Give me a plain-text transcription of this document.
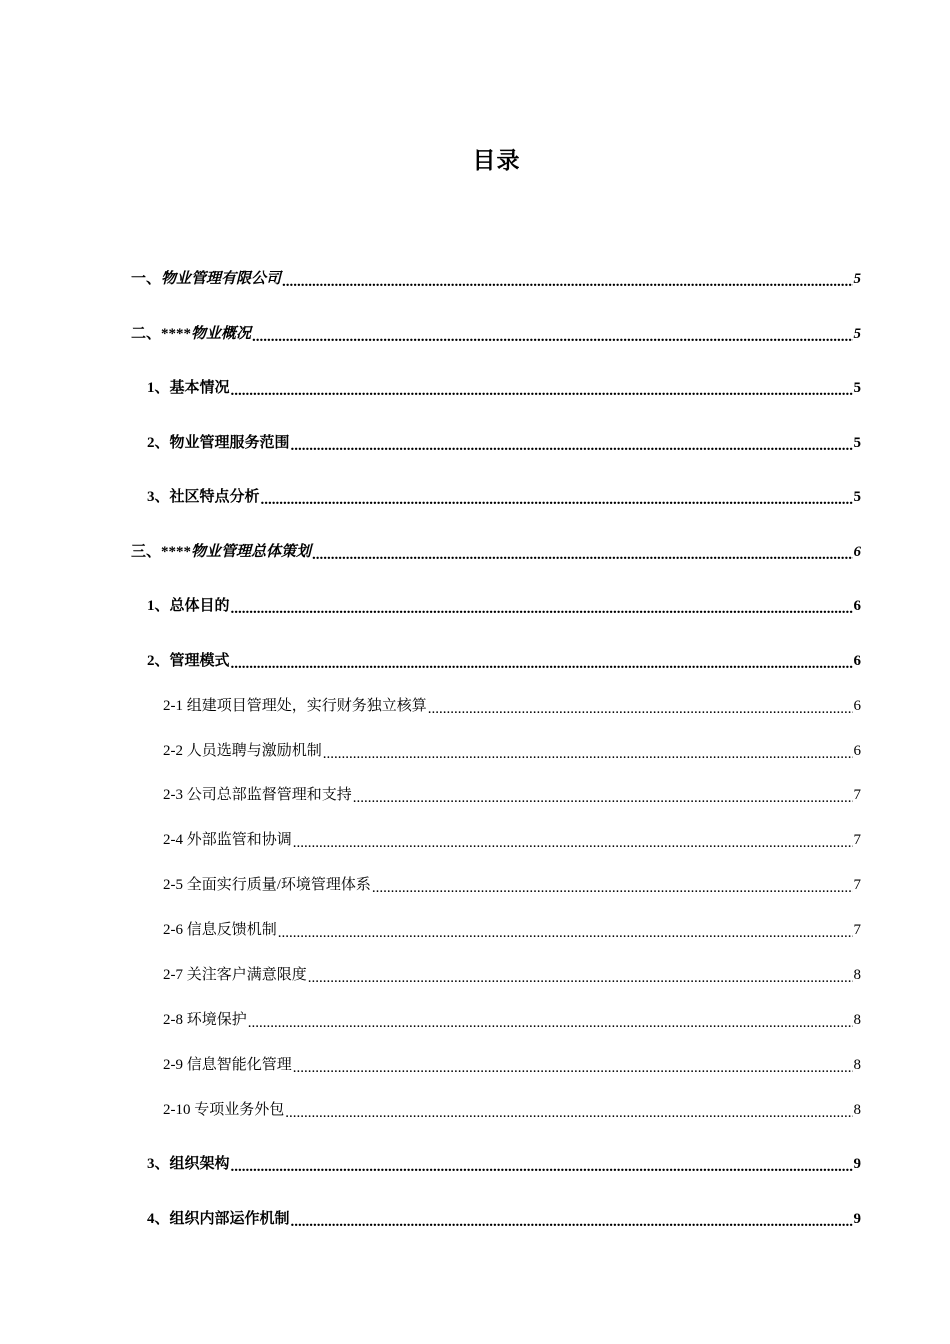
目录
一、物业管理有限公司 .....	5
二、****物业概况 .....	5
1、基本情况 .....	5
2、物业管理服务范围 .....	5
3、社区特点分析 .....	5
三、****物业管理总体策划 .....	6
1、总体目的 .....	6
2、管理模式 .....	6
2-1 组建项目管理处，实行财务独立核算 .....	6
2-2 人员选聘与激励机制 .....	6
2-3 公司总部监督管理和支持 .....	7
2-4 外部监管和协调 .....	7
2-5 全面实行质量/环境管理体系 .....	7
2-6 信息反馈机制 .....	7
2-7 关注客户满意限度 .....	8
2-8 环境保护 .....	8
2-9 信息智能化管理 .....	8
2-10 专项业务外包 .....	8
3、组织架构 .....	9
4、组织内部运作机制 .....	9
